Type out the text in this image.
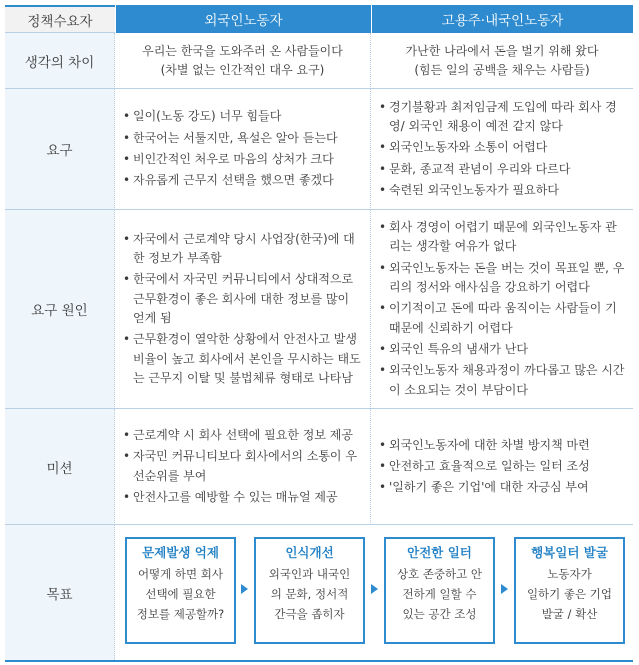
정책수요자	외국인노동자	고용주·내국인노동자
생각의 차이
우리는 한국을 도와주러 온 사람들이다
(차별 없는 인간적인 대우 요구)
가난한 나라에서 돈을 벌기 위해 왔다
(힘든 일의 공백을 채우는 사람들)
요구
• 일이(노동 강도) 너무 힘들다
• 한국어는 서툴지만, 욕설은 알아 듣는다
• 비인간적인 처우로 마음의 상처가 크다
• 자유롭게 근무지 선택을 했으면 좋겠다
• 경기불황과 최저임금제 도입에 따라 회사 경영/ 외국인 채용이 예전 같지 않다
• 외국인노동자와 소통이 어렵다
• 문화, 종교적 관념이 우리와 다르다
• 숙련된 외국인노동자가 필요하다
요구 원인
• 자국에서 근로계약 당시 사업장(한국)에 대한 정보가 부족함
• 한국에서 자국민 커뮤니티에서 상대적으로 근무환경이 좋은 회사에 대한 정보를 많이 얻게 됨
• 근무환경이 열악한 상황에서 안전사고 발생 비율이 높고 회사에서 본인을 무시하는 태도는 근무지 이탈 및 불법체류 형태로 나타남
• 회사 경영이 어렵기 때문에 외국인노동자 관리는 생각할 여유가 없다
• 외국인노동자는 돈을 버는 것이 목표일 뿐, 우리의 정서와 애사심을 강요하기 어렵다
• 이기적이고 돈에 따라 움직이는 사람들이 기때문에 신뢰하기 어렵다
• 외국인 특유의 냄새가 난다
• 외국인노동자 채용과정이 까다롭고 많은 시간이 소요되는 것이 부담이다
미션
• 근로계약 시 회사 선택에 필요한 정보 제공
• 자국민 커뮤니티보다 회사에서의 소통이 우선순위를 부여
• 안전사고를 예방할 수 있는 매뉴얼 제공
• 외국인노동자에 대한 차별 방지책 마련
• 안전하고 효율적으로 일하는 일터 조성
• '일하기 좋은 기업'에 대한 자긍심 부여
목표
문제발생 억제
어떻게 하면 회사
선택에 필요한
정보를 제공할까?
인식개선
외국인과 내국인
의 문화, 정서적
간극을 좁히자
안전한 일터
상호 존중하고 안
전하게 일할 수
있는 공간 조성
행복일터 발굴
노동자가
일하기 좋은 기업
발굴 / 확산
